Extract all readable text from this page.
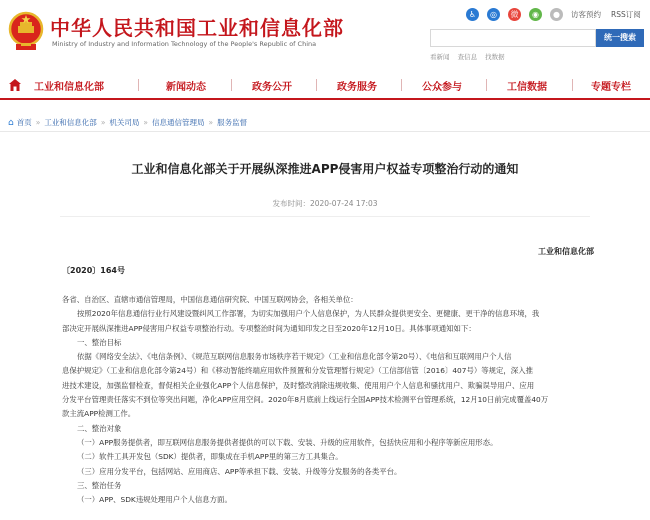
中华人民共和国工业和信息化部
Ministry of Industry and Information Technology of the People's Republic of China
♿	◎	微	◉	●	访客预约 RSS订阅
统一搜索
看新闻 查信息 找数据
工业和信息化部	新闻动态	政务公开	政务服务	公众参与	工信数据	专题专栏
⌂ 首页 » 工业和信息化部 » 机关司局 » 信息通信管理局 » 服务监督
工业和信息化部关于开展纵深推进APP侵害用户权益专项整治行动的通知
发布时间：2020-07-24 17:03
工业和信息化部
〔2020〕164号

各省、自治区、直辖市通信管理局，中国信息通信研究院、中国互联网协会，各相关单位：

按照2020年信息通信行业行风建设暨纠风工作部署，为切实加强用户个人信息保护，为人民群众提供更安全、更健康、更干净的信息环境，我

部决定开展纵深推进APP侵害用户权益专项整治行动。专项整治时间为通知印发之日至2020年12月10日。具体事项通知如下：

一、整治目标

依据《网络安全法》、《电信条例》、《规范互联网信息服务市场秩序若干规定》（工业和信息化部令第20号）、《电信和互联网用户个人信

息保护规定》（工业和信息化部令第24号）和《移动智能终端应用软件预置和分发管理暂行规定》（工信部信管〔2016〕407号）等规定，深入推

进技术建设，加强监督检查，督促相关企业强化APP个人信息保护，及时整改消除违规收集、使用用户个人信息和骚扰用户、欺骗误导用户、应用

分发平台管理责任落实不到位等突出问题，净化APP应用空间。2020年8月底前上线运行全国APP技术检测平台管理系统，12月10日前完成覆盖40万

款主流APP检测工作。

二、整治对象

（一）APP服务提供者，即互联网信息服务提供者提供的可以下载、安装、升级的应用软件，包括快应用和小程序等新应用形态。

（二）软件工具开发包（SDK）提供者，即集成在手机APP里的第三方工具集合。

（三）应用分发平台，包括网站、应用商店、APP等承担下载、安装、升级等分发服务的各类平台。

三、整治任务

（一）APP、SDK违规处理用户个人信息方面。
